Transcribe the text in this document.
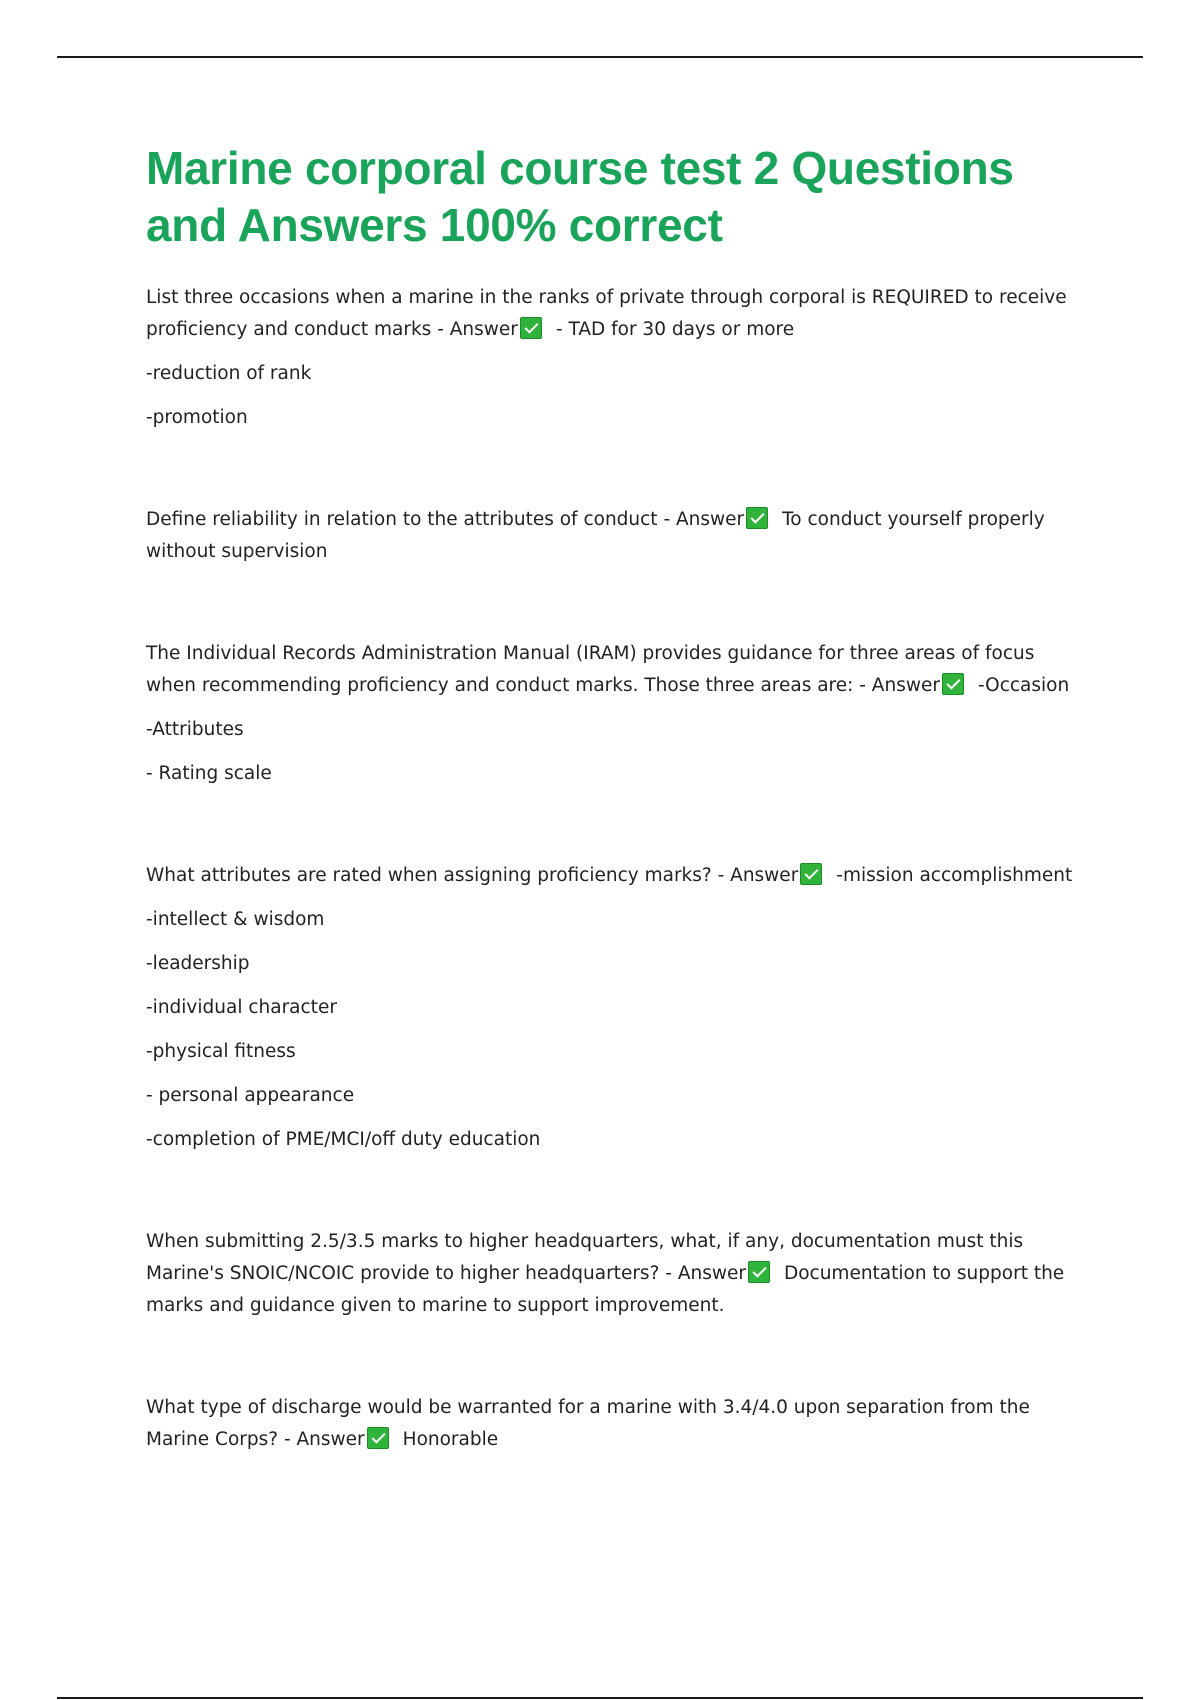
Marine corporal course test 2 Questions and Answers 100% correct

List three occasions when a marine in the ranks of private through corporal is REQUIRED to receive proficiency and conduct marks - Answer - TAD for 30 days or more

-reduction of rank

-promotion

Define reliability in relation to the attributes of conduct - Answer To conduct yourself properly without supervision

The Individual Records Administration Manual (IRAM) provides guidance for three areas of focus when recommending proficiency and conduct marks. Those three areas are: - Answer -Occasion

-Attributes

- Rating scale

What attributes are rated when assigning proficiency marks? - Answer -mission accomplishment

-intellect & wisdom

-leadership

-individual character

-physical fitness

- personal appearance

-completion of PME/MCI/off duty education

When submitting 2.5/3.5 marks to higher headquarters, what, if any, documentation must this Marine's SNOIC/NCOIC provide to higher headquarters? - Answer Documentation to support the marks and guidance given to marine to support improvement.

What type of discharge would be warranted for a marine with 3.4/4.0 upon separation from the Marine Corps? - Answer Honorable
